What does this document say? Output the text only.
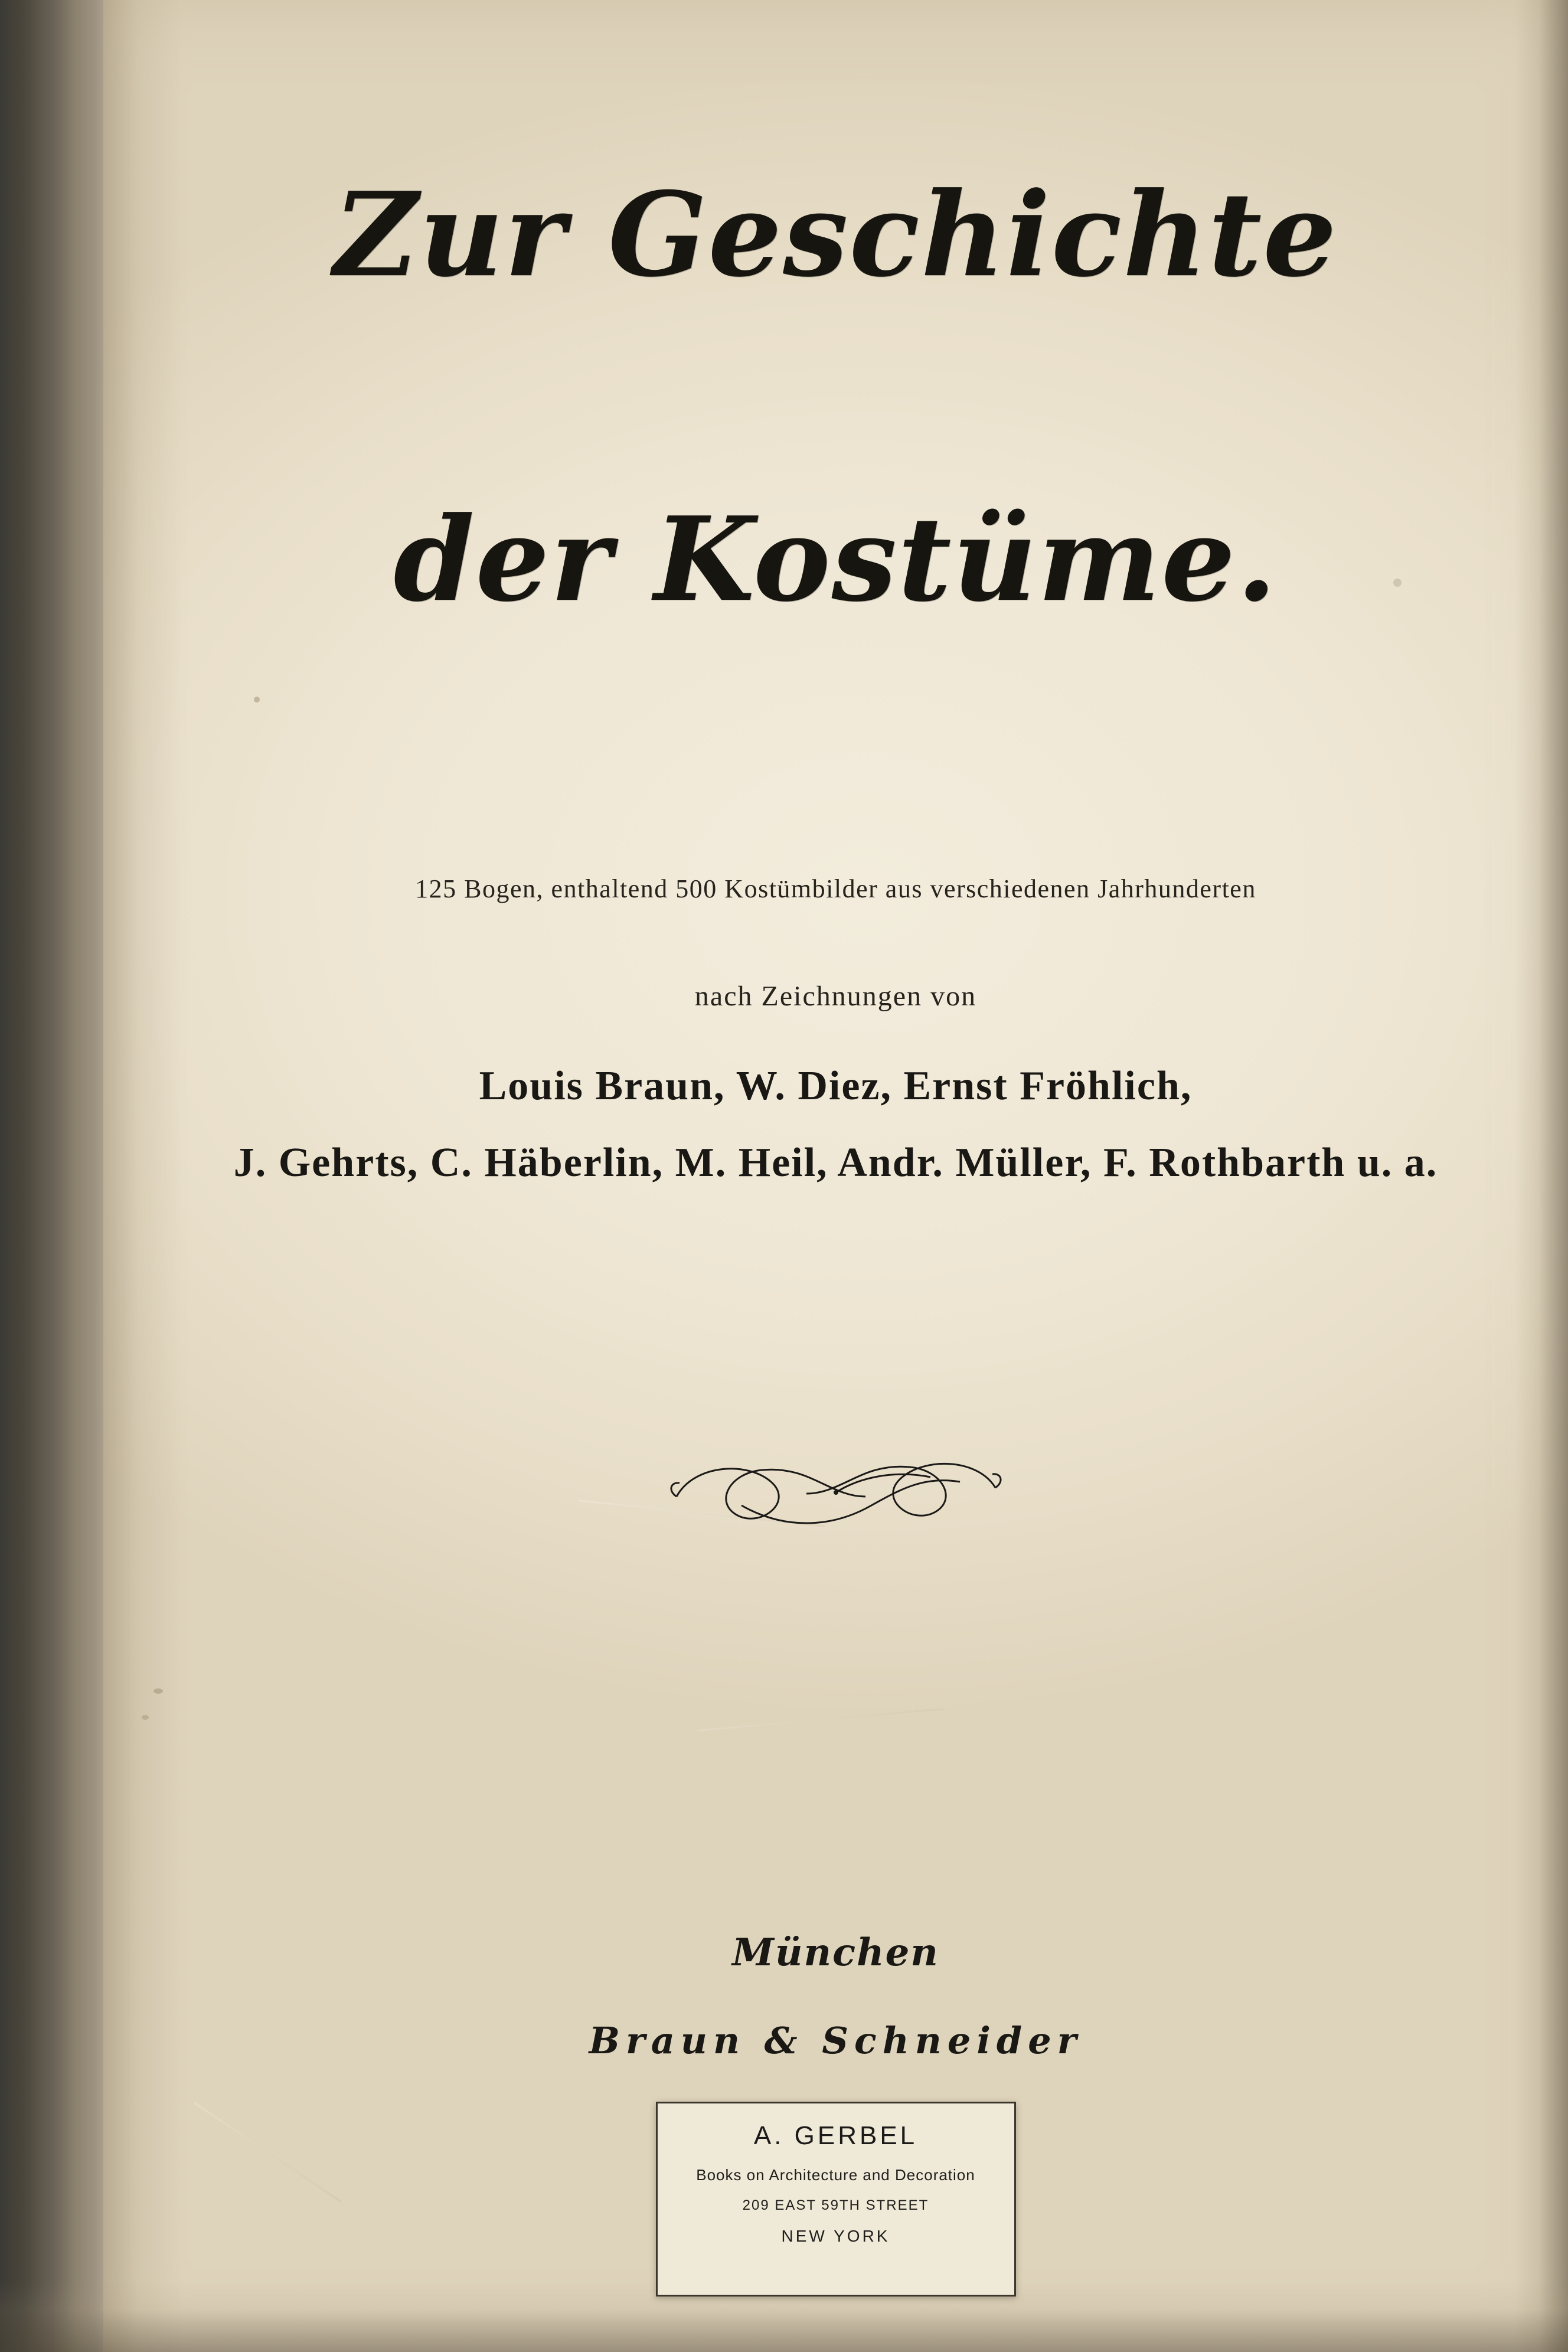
Zur Geschichte
der Kostüme.
125 Bogen, enthaltend 500 Kostümbilder aus verschiedenen Jahrhunderten
nach Zeichnungen von
Louis Braun, W. Diez, Ernst Fröhlich,
J. Gehrts, C. Häberlin, M. Heil, Andr. Müller, F. Rothbarth u. a.
München
Braun & Schneider
A. GERBEL
Books on Architecture and Decoration
209 EAST 59TH STREET
NEW YORK
